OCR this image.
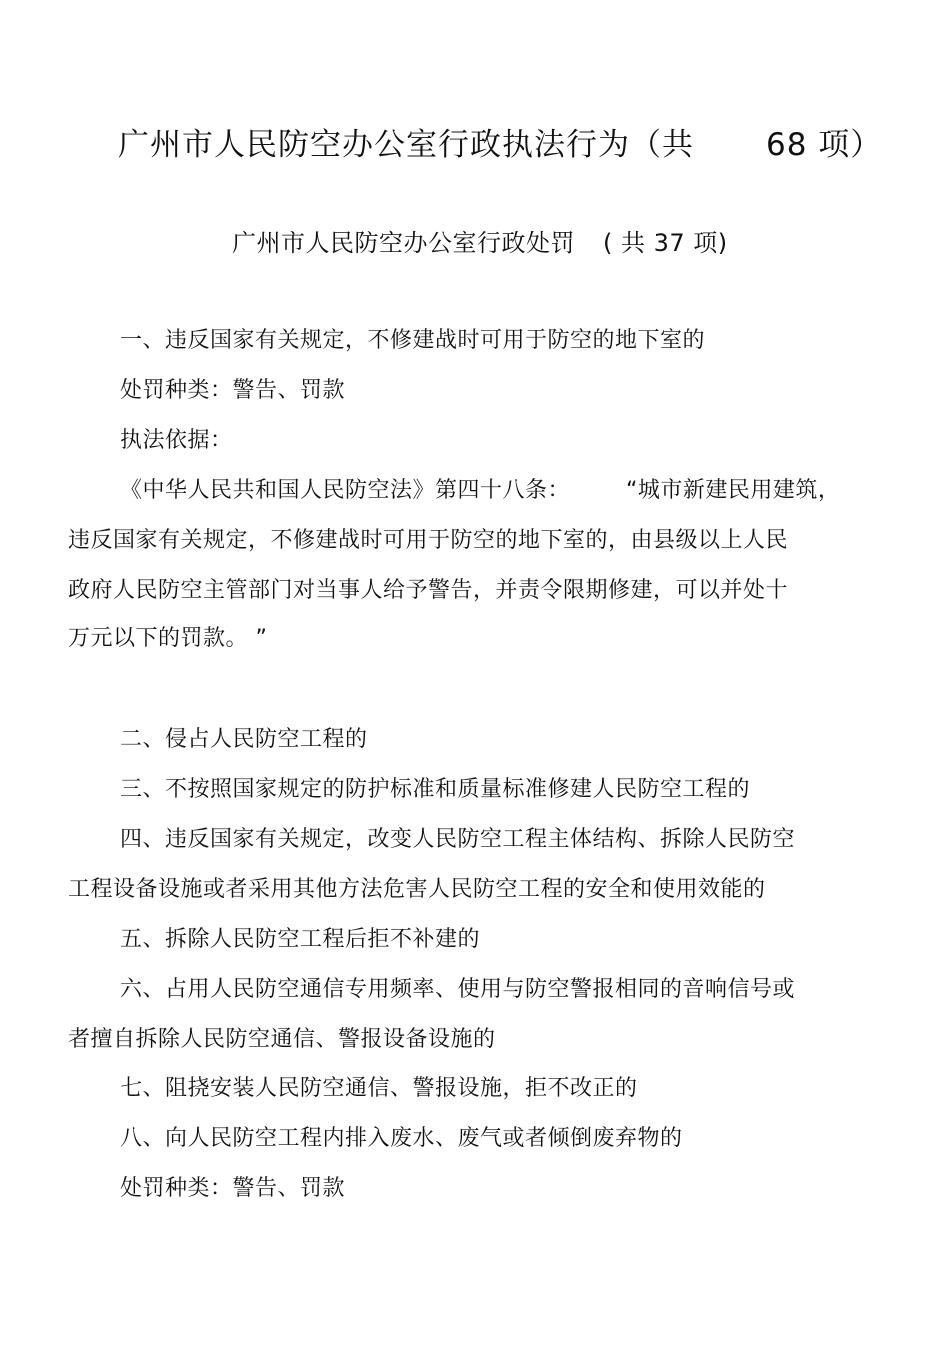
广州市人民防空办公室行政执法行为（共 68 项）
广州市人民防空办公室行政处罚 ( 共 37 项)
一、违反国家有关规定，不修建战时可用于防空的地下室的
处罚种类：警告、罚款
执法依据：
《中华人民共和国人民防空法》第四十八条：	“城市新建民用建筑，
违反国家有关规定，不修建战时可用于防空的地下室的，由县级以上人民
政府人民防空主管部门对当事人给予警告，并责令限期修建，可以并处十
万元以下的罚款。 ”
二、侵占人民防空工程的
三、不按照国家规定的防护标准和质量标准修建人民防空工程的
四、违反国家有关规定，改变人民防空工程主体结构、拆除人民防空
工程设备设施或者采用其他方法危害人民防空工程的安全和使用效能的
五、拆除人民防空工程后拒不补建的
六、占用人民防空通信专用频率、使用与防空警报相同的音响信号或
者擅自拆除人民防空通信、警报设备设施的
七、阻挠安装人民防空通信、警报设施，拒不改正的
八、向人民防空工程内排入废水、废气或者倾倒废弃物的
处罚种类：警告、罚款
